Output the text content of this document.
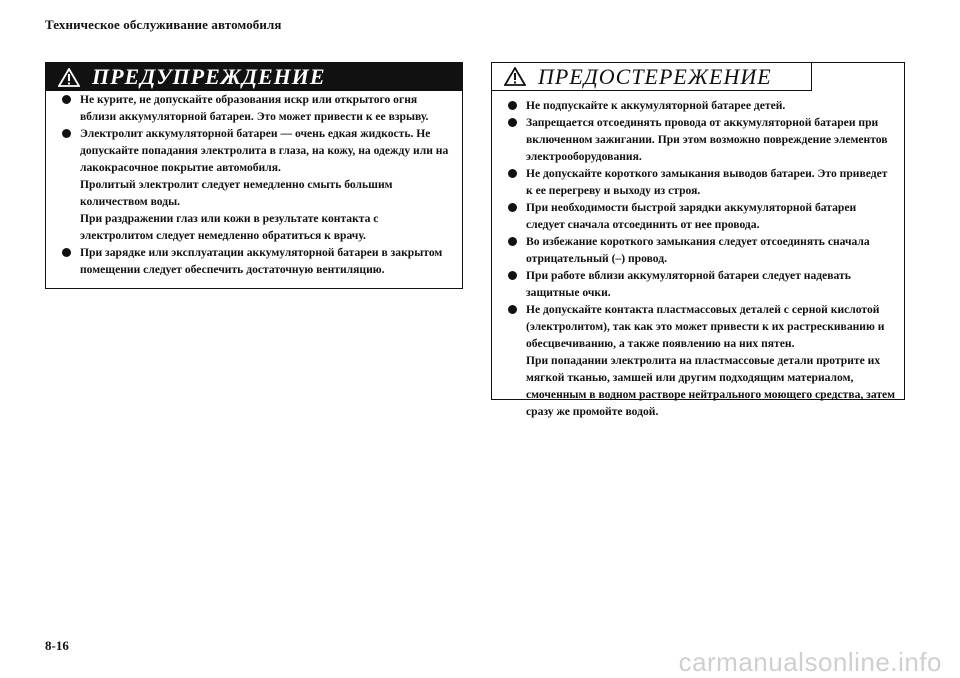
Техническое обслуживание автомобиля
ПРЕДУПРЕЖДЕНИЕ
Не курите, не допускайте образования искр или открытого огня вблизи аккумуляторной батареи. Это может привести к ее взрыву.
Электролит аккумуляторной батареи — очень едкая жидкость. Не допускайте попадания электролита в глаза, на кожу, на одежду или на лакокрасочное покрытие автомобиля.
Пролитый электролит следует немедленно смыть большим количеством воды.
При раздражении глаз или кожи в результате контакта с электролитом следует немедленно обратиться к врачу.
При зарядке или эксплуатации аккумуляторной батареи в закрытом помещении следует обеспечить достаточную вентиляцию.
ПРЕДОСТЕРЕЖЕНИЕ
Не подпускайте к аккумуляторной батарее детей.
Запрещается отсоединять провода от аккумуляторной батареи при включенном зажигании. При этом возможно повреждение элементов электрооборудования.
Не допускайте короткого замыкания выводов батареи. Это приведет к ее перегреву и выходу из строя.
При необходимости быстрой зарядки аккумуляторной батареи следует сначала отсоединить от нее провода.
Во избежание короткого замыкания следует отсоединять сначала отрицательный (–) провод.
При работе вблизи аккумуляторной батареи следует надевать защитные очки.
Не допускайте контакта пластмассовых деталей с серной кислотой (электролитом), так как это может привести к их растрескиванию и обесцвечиванию, а также появлению на них пятен.
При попадании электролита на пластмассовые детали протрите их мягкой тканью, замшей или другим подходящим материалом, смоченным в водном растворе нейтрального моющего средства, затем сразу же промойте водой.
8-16
carmanualsonline.info
